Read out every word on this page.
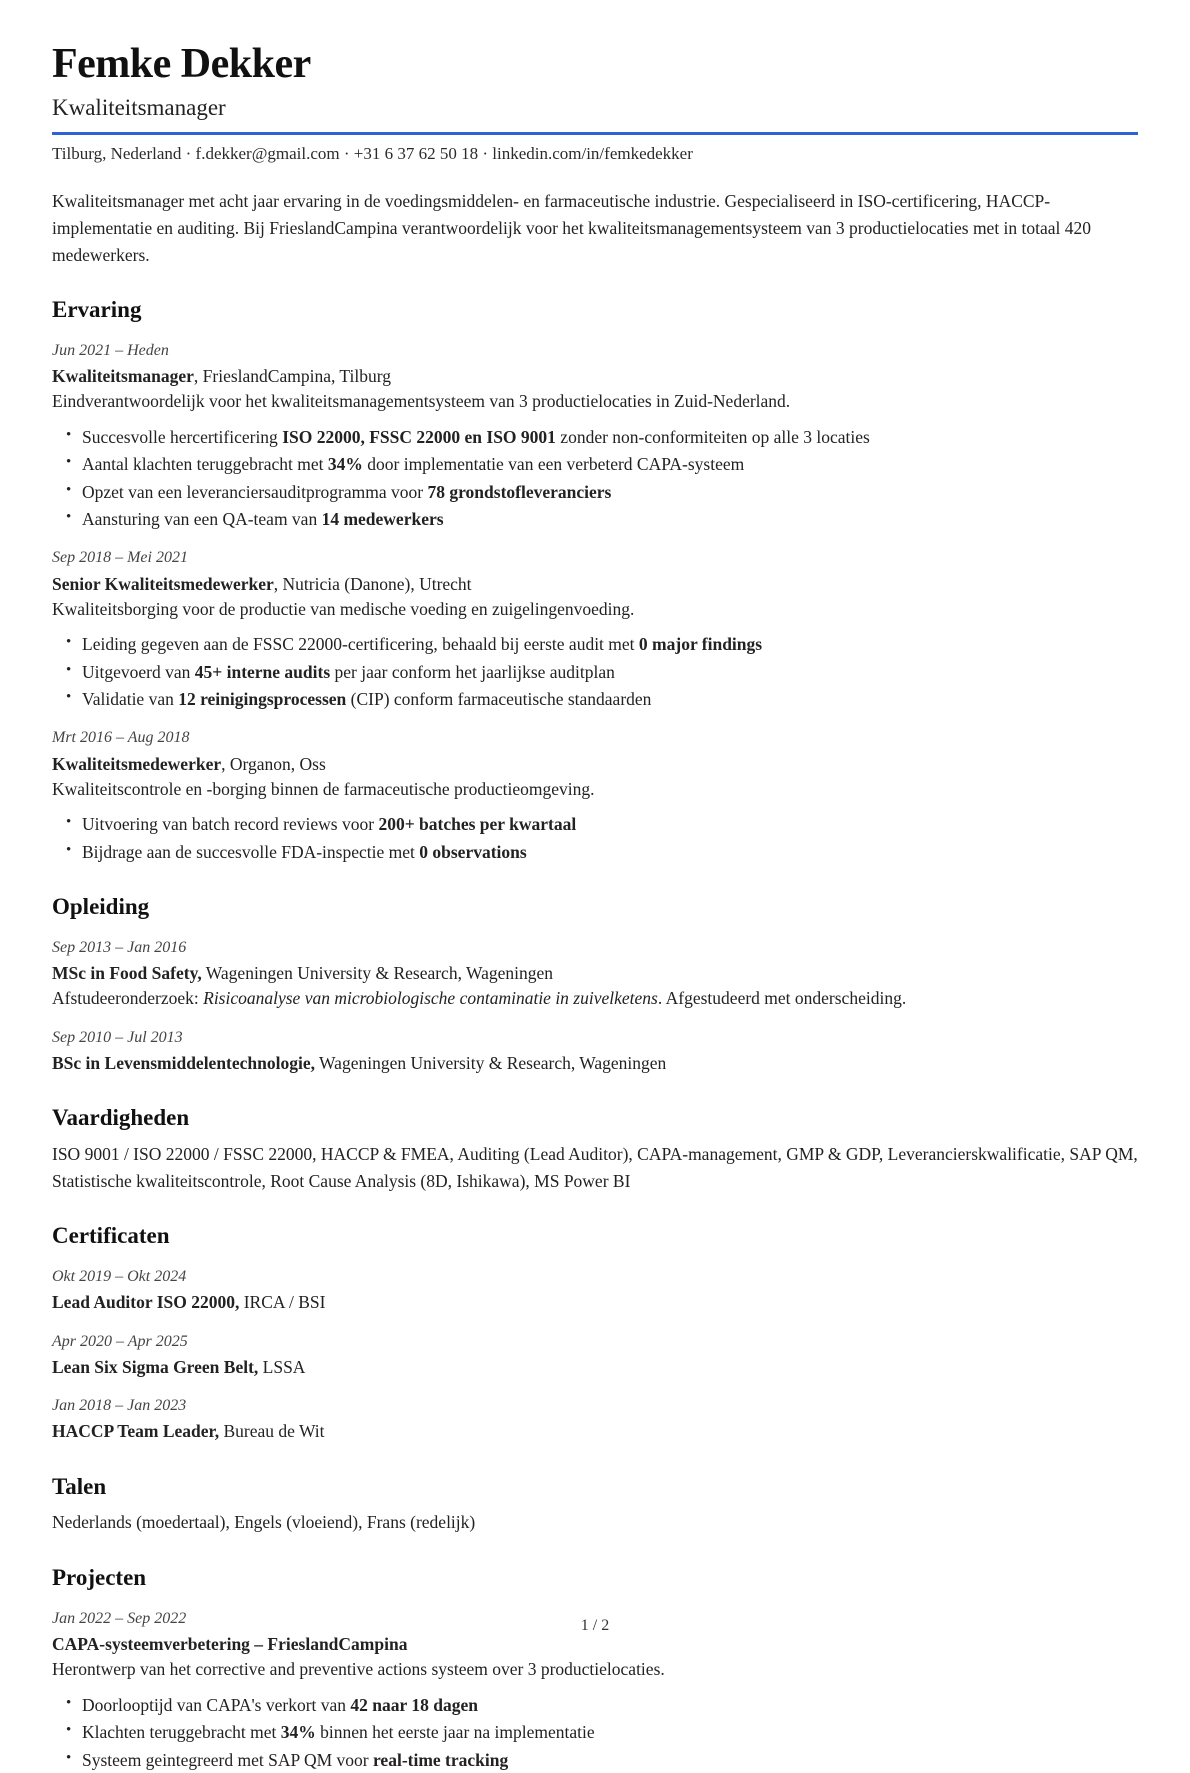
Femke Dekker
Kwaliteitsmanager
Tilburg, Nederland · f.dekker@gmail.com · +31 6 37 62 50 18 · linkedin.com/in/femkedekker

Kwaliteitsmanager met acht jaar ervaring in de voedingsmiddelen- en farmaceutische industrie. Gespecialiseerd in ISO-certificering, HACCP-implementatie en auditing. Bij FrieslandCampina verantwoordelijk voor het kwaliteitsmanagementsysteem van 3 productielocaties met in totaal 420 medewerkers.

Ervaring

Jun 2021 – Heden

Kwaliteitsmanager, FrieslandCampina, Tilburg

Eindverantwoordelijk voor het kwaliteitsmanagementsysteem van 3 productielocaties in Zuid-Nederland.

• Succesvolle hercertificering ISO 22000, FSSC 22000 en ISO 9001 zonder non-conformiteiten op alle 3 locaties
• Aantal klachten teruggebracht met 34% door implementatie van een verbeterd CAPA-systeem
• Opzet van een leveranciersauditprogramma voor 78 grondstofleveranciers
• Aansturing van een QA-team van 14 medewerkers

Sep 2018 – Mei 2021

Senior Kwaliteitsmedewerker, Nutricia (Danone), Utrecht

Kwaliteitsborging voor de productie van medische voeding en zuigelingenvoeding.

• Leiding gegeven aan de FSSC 22000-certificering, behaald bij eerste audit met 0 major findings
• Uitgevoerd van 45+ interne audits per jaar conform het jaarlijkse auditplan
• Validatie van 12 reinigingsprocessen (CIP) conform farmaceutische standaarden

Mrt 2016 – Aug 2018

Kwaliteitsmedewerker, Organon, Oss

Kwaliteitscontrole en -borging binnen de farmaceutische productieomgeving.

• Uitvoering van batch record reviews voor 200+ batches per kwartaal
• Bijdrage aan de succesvolle FDA-inspectie met 0 observations
Opleiding

Sep 2013 – Jan 2016

MSc in Food Safety, Wageningen University & Research, Wageningen

Afstudeeronderzoek: Risicoanalyse van microbiologische contaminatie in zuivelketens. Afgestudeerd met onderscheiding.

Sep 2010 – Jul 2013

BSc in Levensmiddelentechnologie, Wageningen University & Research, Wageningen

Vaardigheden

ISO 9001 / ISO 22000 / FSSC 22000, HACCP & FMEA, Auditing (Lead Auditor), CAPA-management, GMP & GDP, Leverancierskwalificatie, SAP QM, Statistische kwaliteitscontrole, Root Cause Analysis (8D, Ishikawa), MS Power BI

Certificaten

Okt 2019 – Okt 2024

Lead Auditor ISO 22000, IRCA / BSI

Apr 2020 – Apr 2025

Lean Six Sigma Green Belt, LSSA

Jan 2018 – Jan 2023

HACCP Team Leader, Bureau de Wit

Talen

Nederlands (moedertaal), Engels (vloeiend), Frans (redelijk)

Projecten

Jan 2022 – Sep 2022

CAPA-systeemverbetering – FrieslandCampina

Herontwerp van het corrective and preventive actions systeem over 3 productielocaties.

• Doorlooptijd van CAPA's verkort van 42 naar 18 dagen
• Klachten teruggebracht met 34% binnen het eerste jaar na implementatie
• Systeem geintegreerd met SAP QM voor real-time tracking
1 / 2
